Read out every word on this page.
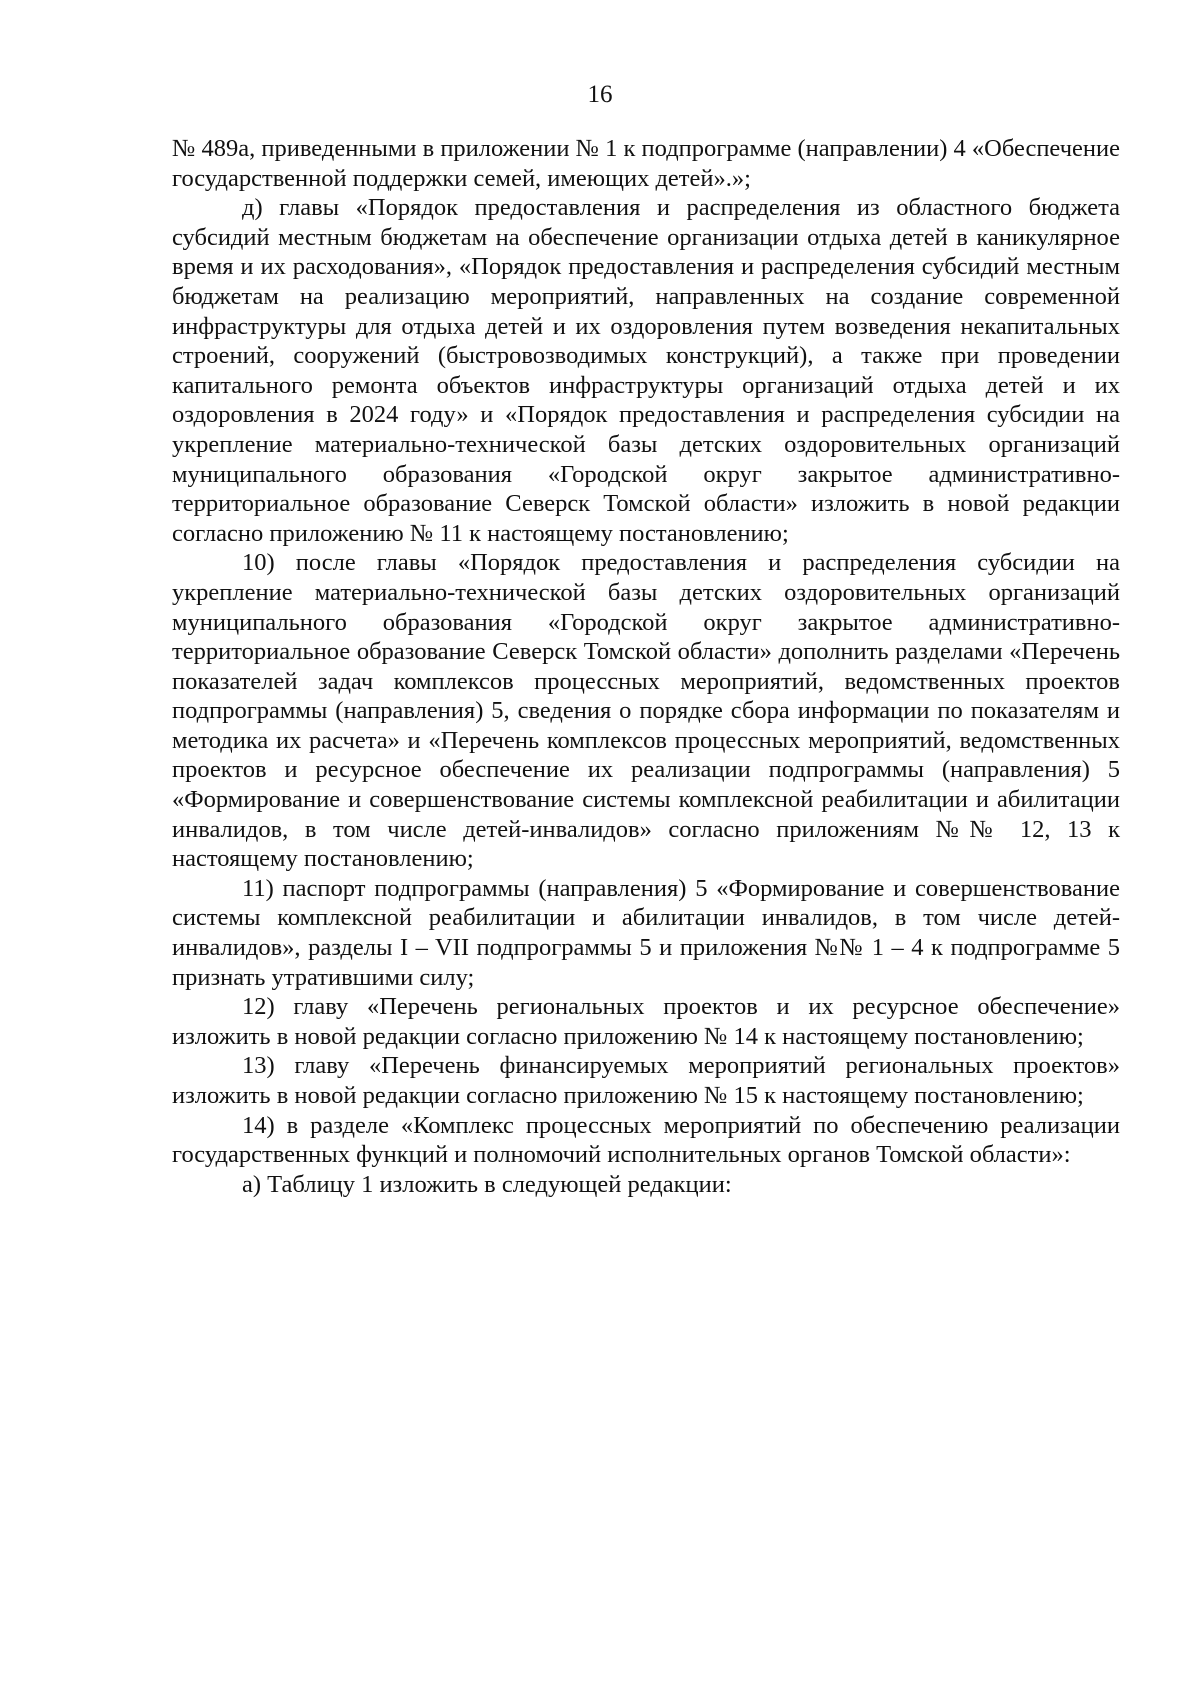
16

№ 489а, приведенными в приложении № 1 к подпрограмме (направлении) 4 «Обеспечение государственной поддержки семей, имеющих детей».»;

д) главы «Порядок предоставления и распределения из областного бюджета субсидий местным бюджетам на обеспечение организации отдыха детей в каникулярное время и их расходования», «Порядок предоставления и распределения субсидий местным бюджетам на реализацию мероприятий, направленных на создание современной инфраструктуры для отдыха детей и их оздоровления путем возведения некапитальных строений, сооружений (быстровозводимых конструкций), а также при проведении капитального ремонта объектов инфраструктуры организаций отдыха детей и их оздоровления в 2024 году» и «Порядок предоставления и распределения субсидии на укрепление материально-технической базы детских оздоровительных организаций муниципального образования «Городской округ закрытое административно-территориальное образование Северск Томской области» изложить в новой редакции согласно приложению № 11 к настоящему постановлению;

10) после главы «Порядок предоставления и распределения субсидии на укрепление материально-технической базы детских оздоровительных организаций муниципального образования «Городской округ закрытое административно-территориальное образование Северск Томской области» дополнить разделами «Перечень показателей задач комплексов процессных мероприятий, ведомственных проектов подпрограммы (направления) 5, сведения о порядке сбора информации по показателям и методика их расчета» и «Перечень комплексов процессных мероприятий, ведомственных проектов и ресурсное обеспечение их реализации подпрограммы (направления) 5 «Формирование и совершенствование системы комплексной реабилитации и абилитации инвалидов, в том числе детей-инвалидов» согласно приложениям №№ 12, 13 к настоящему постановлению;

11) паспорт подпрограммы (направления) 5 «Формирование и совершенствование системы комплексной реабилитации и абилитации инвалидов, в том числе детей-инвалидов», разделы I – VII подпрограммы 5 и приложения №№ 1 – 4 к подпрограмме 5 признать утратившими силу;

12) главу «Перечень региональных проектов и их ресурсное обеспечение» изложить в новой редакции согласно приложению № 14 к настоящему постановлению;

13) главу «Перечень финансируемых мероприятий региональных проектов» изложить в новой редакции согласно приложению № 15 к настоящему постановлению;

14) в разделе «Комплекс процессных мероприятий по обеспечению реализации государственных функций и полномочий исполнительных органов Томской области»:

а) Таблицу 1 изложить в следующей редакции:
